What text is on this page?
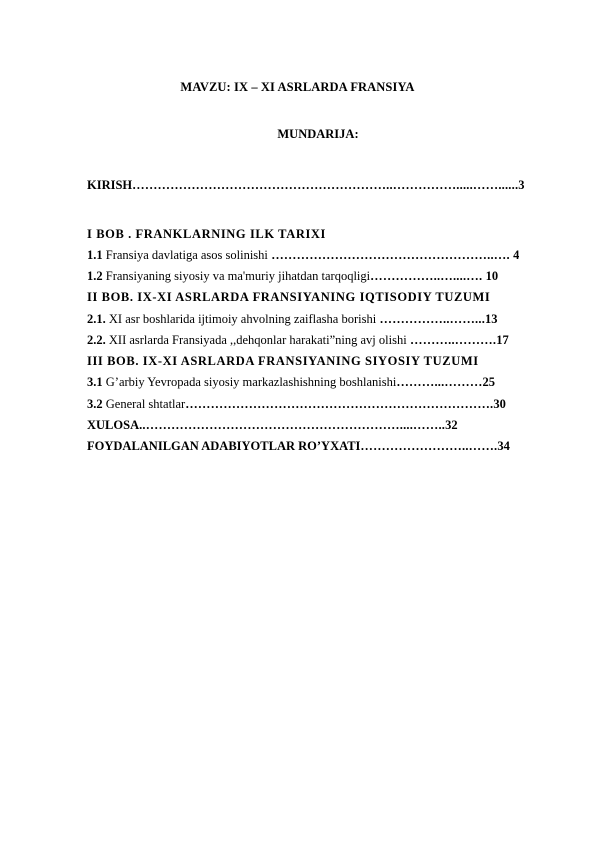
MAVZU: IX – XI ASRLARDA FRANSIYA
MUNDARIJA:
KIRISH……………………………………………………..…………….....……......3
I BOB . FRANKLARNING ILK TARIXI
1.1 Fransiya davlatiga asos solinishi ……………………………………………..…. 4
1.2 Fransiyaning siyosiy va ma'muriy jihatdan tarqoqligi……………..…....…. 10
II BOB. IX-XI ASRLARDA FRANSIYANING IQTISODIY TUZUMI
2.1. XI asr boshlarida ijtimoiy ahvolning zaiflasha borishi ……………..……...13
2.2. XII asrlarda Fransiyada ,,dehqonlar harakati”ning avj olishi ………..……….17
III BOB. IX-XI ASRLARDA FRANSIYANING SIYOSIY TUZUMI
3.1 G’arbiy Yevropada siyosiy markazlashishning boshlanishi………...………25
3.2 General shtatlar……………………………………………………………….30
XULOSA..……………………………………………………....……..32
FOYDALANILGAN ADABIYOTLAR RO’YXATI……………………..…….34
